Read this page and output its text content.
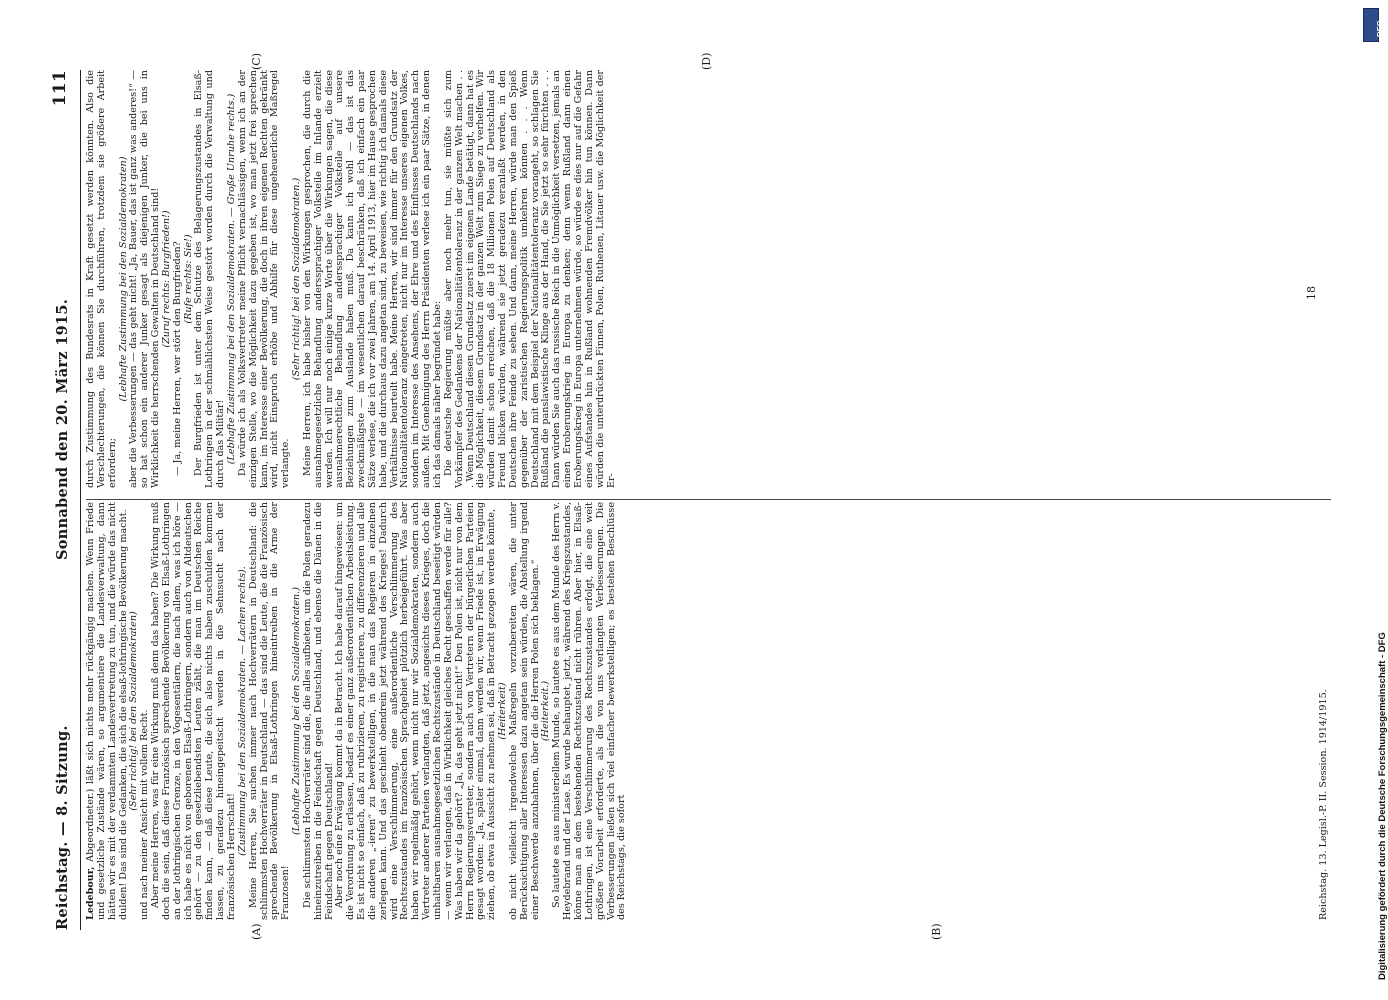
Reichstag. — 8. Sitzung.
Sonnabend den 20. März 1915.
111
(A)	(B)
(C)	(D)

Ledebour, Abgeordneter.) läßt sich nichts mehr rückgängig machen. Wenn Friede und gesetzliche Zustände wären, so argumentiere die Landesverwaltung, dann hätten wir es mit der verdammten Landesvertretung zu tun, und die würde das nicht dulden! Das sind die Gedanken, die sich die elsaß-lothringische Bevölkerung macht. (Sehr richtig! bei den Sozialdemokraten) und nach meiner Ansicht mit vollem Recht. Aber meine Herren, was für eine Wirkung muß denn das haben? Die Wirkung muß doch die sein, daß diese Französisch sprechende Bevölkerung von Elsaß-Lothringen an der lothringischen Grenze, in den Vogesentälern, die nach allem, was ich höre — ich habe es nicht von geborenen Elsaß-Lothringern, sondern auch von Altdeutschen gehört — zu den gesetzliebendsten Leuten zählt, die man im Deutschen Reiche finden kann, — daß diese Leute, die sich also nichts haben zuschulden kommen lassen, zu geradezu hineingepeitscht werden in die Sehnsucht nach der französischen Herrschaft!

(Zustimmung bei den Sozialdemokraten. — Lachen rechts). Meine Herren, Sie suchen immer nach Hochverrätern in Deutschland: die schlimmsten Hochverräter in Deutschland — das sind die Leute, die die Französisch sprechende Bevölkerung in Elsaß-Lothringen hineintreiben in die Arme der Franzosen!

(Lebhafte Zustimmung bei den Sozialdemokraten.) Die schlimmsten Hochverräter sind die, die alles aufbieten, um die Polen geradezu hineinzutreiben in die Feindschaft gegen Deutschland, und ebenso die Dänen in die Feindschaft gegen Deutschland! Aber noch eine Erwägung kommt da in Betracht. Ich habe darauf hingewiesen: um die Verordnung zu erlassen, bedarf es einer ganz außerordentlichen Arbeitsleistung. Es ist nicht so einfach, daß zu rubrizieren, zu registrieren, zu differenzieren und alle die anderen „-ieren“ zu bewerkstelligen, in die man das Regieren in einzelnen zerlegen kann. Und das geschieht obendrein jetzt während des Krieges! Dadurch wird eine Verschlimmerung, eine außerordentliche Verschlimmerung des Rechtszustandes im französischen Sprachgebiet plötzlich herbeigeführt. Was aber haben wir regelmäßig gehört, wenn nicht nur wir Sozialdemokraten, sondern auch Vertreter anderer Parteien verlangten, daß jetzt, angesichts dieses Krieges, doch die unhaltbaren ausnahmegesetzlichen Rechtszustände in Deutschland beseitigt würden — wenn wir verlangen, daß in Wirklichkeit gleiches Recht geschaffen werde für alle? Was haben wir da gehört? „Ja, das geht jetzt nicht!“ Den Polen ist, nicht nur von dem Herrn Regierungsvertreter, sondern auch von Vertretern der bürgerlichen Parteien gesagt worden: „Ja, später einmal, dann werden wir, wenn Friede ist, in Erwägung ziehen, ob etwa in Aussicht zu nehmen sei, daß in Betracht gezogen werden könnte, (Heiterkeit) ob nicht vielleicht irgendwelche Maßregeln vorzubereiten wären, die unter Berücksichtigung aller Interessen dazu angetan sein würden, die Abstellung irgend einer Beschwerde anzubahnen, über die die Herren Polen sich beklagen.“ (Heiterkeit.) So lautete es aus ministeriellem Munde, so lautete es aus dem Munde des Herrn v. Heydebrand und der Lase. Es wurde behauptet, jetzt, während des Kriegszustandes, könne man an dem bestehenden Rechtszustand nicht rühren. Aber hier, in Elsaß-Lothringen, ist eine Verschlimmerung des Rechtszustandes erfolgt, die eine weit größere Vorarbeit erforderte, als die von uns verlangten Verbesserungen. Die Verbesserungen ließen sich viel einfacher bewerkstelligen; es bestehen Beschlüsse des Reichstags, die sofort

durch Zustimmung des Bundesrats in Kraft gesetzt werden könnten. Also die Verschlechterungen, die können Sie durchführen, trotzdem sie größere Arbeit erfordern;

(Lebhafte Zustimmung bei den Sozialdemokraten) aber die Verbesserungen — das geht nicht! „Ja, Bauer, das ist ganz was anderes!“ — so hat schon ein anderer Junker gesagt als diejenigen Junker, die bei uns in Wirklichkeit die herrschenden Gewalten in Deutschland sind! (Zuruf rechts: Burgfrieden!) — Ja, meine Herren, wer stört den Burgfrieden? (Rufe rechts: Sie!) Der Burgfrieden ist unter dem Schutze des Belagerungszustandes in Elsaß-Lothringen in der schmählichsten Weise gestört worden durch die Verwaltung und durch das Militär! (Lebhafte Zustimmung bei den Sozialdemokraten. — Große Unruhe rechts.) Da würde ich als Volksvertreter meine Pflicht vernachlässigen, wenn ich an der einzigen Stelle, wo die Möglichkeit dazu gegeben ist, wo man jetzt frei sprechen kann, im Interesse einer Bevölkerung, die doch in ihren eigenen Rechten gekränkt wird, nicht Einspruch erhöbe und Abhilfe für diese ungeheuerliche Maßregel verlangte.

(Sehr richtig! bei den Sozialdemokraten.) Meine Herren, ich habe bisher von den Wirkungen gesprochen, die durch die ausnahmegesetzliche Behandlung anderssprachiger Volksteile im Inlande erzielt werden. Ich will nur noch einige kurze Worte über die Wirkungen sagen, die diese ausnahmerechtliche Behandlung anderssprachiger Volksteile auf unsere Beziehungen zum Auslande haben muß. Da kann ich wohl — das ist das zweckmäßigste — im wesentlichen darauf beschränken, daß ich einfach ein paar Sätze verlese, die ich vor zwei Jahren, am 14. April 1913, hier im Hause gesprochen habe, und die durchaus dazu angetan sind, zu beweisen, wie richtig ich damals diese Verhältnisse beurteilt habe. Meine Herren, wir sind immer für den Grundsatz der Nationalitätentoleranz eingetreten, nicht nur im Interesse unseres eigenen Volkes, sondern im Interesse des Ansehens, der Ehre und des Einflusses Deutschlands nach außen. Mit Genehmigung des Herrn Präsidenten verlese ich ein paar Sätze, in denen ich das damals näher begründet habe: Die deutsche Regierung müßte aber noch mehr tun, sie müßte sich zum Vorkämpfer des Gedankens der Nationalitätentoleranz in der ganzen Welt machen . . . Wenn Deutschland diesen Grundsatz zuerst im eigenen Lande betätigt, dann hat es die Möglichkeit, diesem Grundsatz in der ganzen Welt zum Siege zu verhelfen. Wir würden damit schon erreichen, daß die 18 Millionen Polen auf Deutschland als Freund blicken würden, während sie jetzt geradezu veranlaßt werden, in den Deutschen ihre Feinde zu sehen. Und dann, meine Herren, würde man den Spieß gegenüber der zaristischen Regierungspolitik umkehren können . . . Wenn Deutschland mit dem Beispiel der Nationalitätentoleranz vorangeht, so schlagen Sie Rußland die panslawistische Klinge aus der Hand, die Sie jetzt so sehr fürchten . . . Dann würden Sie auch das russische Reich in die Unmöglichkeit versetzen, jemals an einen Eroberungskrieg in Europa zu denken; denn wenn Rußland dann einen Eroberungskrieg in Europa unternehmen würde, so würde es dies nur auf die Gefahr eines Aufstandes hin in Rußland wohnenden Fremdvölker hin tun können. Dann würden die unterdrückten Finnen, Polen, Ruthenen, Litauer usw. die Möglichkeit der Er-

Reichstag. 13. Legisl.-P. II. Session. 1914/1915.
18
Digitalisierung gefördert durch die Deutsche Forschungsgemeinschaft - DFG
DFG
